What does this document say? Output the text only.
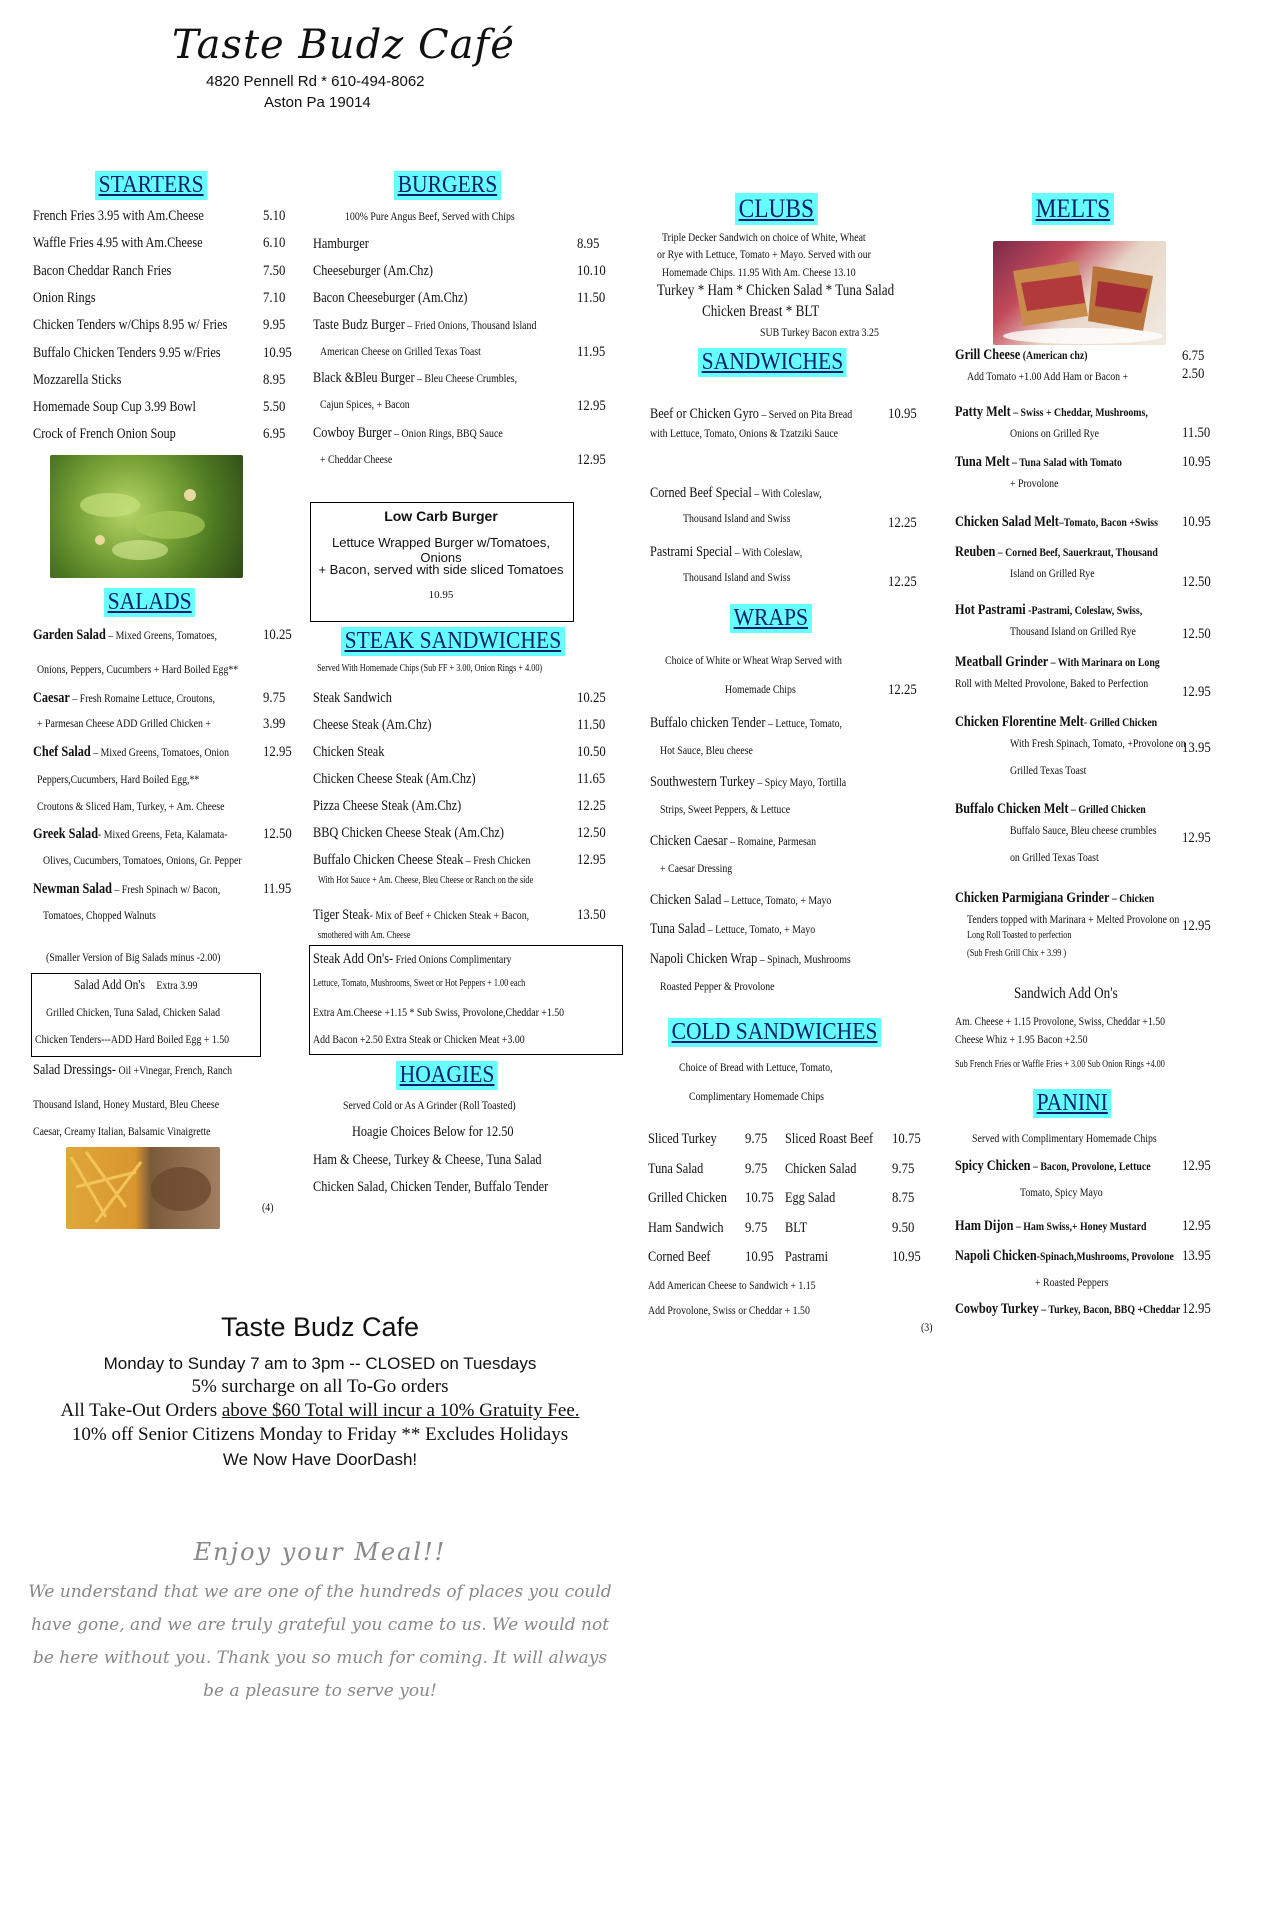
Taste Budz Café
4820 Pennell Rd * 610-494-8062
Aston Pa 19014
STARTERS
French Fries 3.95 with Am.Cheese	5.10
Waffle Fries 4.95 with Am.Cheese	6.10
Bacon Cheddar Ranch Fries	7.50
Onion Rings	7.10
Chicken Tenders w/Chips 8.95 w/ Fries 9.95
Buffalo Chicken Tenders 9.95 w/Fries	10.95
Mozzarella Sticks	8.95
Homemade Soup Cup 3.99 Bowl	5.50
Crock of French Onion Soup	6.95
SALADS
Garden Salad – Mixed Greens, Tomatoes,	10.25
Onions, Peppers, Cucumbers + Hard Boiled Egg**
Caesar – Fresh Romaine Lettuce, Croutons,	9.75
+ Parmesan Cheese ADD Grilled Chicken +	3.99
Chef Salad – Mixed Greens, Tomatoes, Onion 12.95
Peppers,Cucumbers, Hard Boiled Egg,**
Croutons & Sliced Ham, Turkey, + Am. Cheese
Greek Salad- Mixed Greens, Feta, Kalamata- 12.50
Olives, Cucumbers, Tomatoes, Onions, Gr. Pepper
Newman Salad – Fresh Spinach w/ Bacon,	11.95
Tomatoes, Chopped Walnuts
(Smaller Version of Big Salads minus -2.00)
Salad Add On's Extra 3.99
Grilled Chicken, Tuna Salad, Chicken Salad
Chicken Tenders---ADD Hard Boiled Egg + 1.50
Salad Dressings- Oil +Vinegar, French, Ranch
Thousand Island, Honey Mustard, Bleu Cheese
Caesar, Creamy Italian, Balsamic Vinaigrette
(4)
BURGERS
100% Pure Angus Beef, Served with Chips
Hamburger	8.95
Cheeseburger (Am.Chz)	10.10
Bacon Cheeseburger (Am.Chz)	11.50
Taste Budz Burger – Fried Onions, Thousand Island
American Cheese on Grilled Texas Toast	11.95
Black &Bleu Burger – Bleu Cheese Crumbles,
Cajun Spices, + Bacon	12.95
Cowboy Burger – Onion Rings, BBQ Sauce
+ Cheddar Cheese	12.95
Low Carb Burger
Lettuce Wrapped Burger w/Tomatoes, Onions
+ Bacon, served with side sliced Tomatoes
10.95
STEAK SANDWICHES
Served With Homemade Chips (Sub FF + 3.00, Onion Rings + 4.00)
Steak Sandwich	10.25
Cheese Steak (Am.Chz)	11.50
Chicken Steak	10.50
Chicken Cheese Steak (Am.Chz)	11.65
Pizza Cheese Steak (Am.Chz)	12.25
BBQ Chicken Cheese Steak (Am.Chz)	12.50
Buffalo Chicken Cheese Steak – Fresh Chicken
With Hot Sauce + Am. Cheese, Bleu Cheese or Ranch on the side
12.95
Tiger Steak- Mix of Beef + Chicken Steak + Bacon,
smothered with Am. Cheese
13.50
Steak Add On's- Fried Onions Complimentary
Lettuce, Tomato, Mushrooms, Sweet or Hot Peppers + 1.00 each
Extra Am.Cheese +1.15 * Sub Swiss, Provolone,Cheddar +1.50
Add Bacon +2.50 Extra Steak or Chicken Meat +3.00
HOAGIES
Served Cold or As A Grinder (Roll Toasted)
Hoagie Choices Below for 12.50
Ham & Cheese, Turkey & Cheese, Tuna Salad
Chicken Salad, Chicken Tender, Buffalo Tender
CLUBS
Triple Decker Sandwich on choice of White, Wheat
or Rye with Lettuce, Tomato + Mayo. Served with our
Homemade Chips. 11.95 With Am. Cheese 13.10
Turkey * Ham * Chicken Salad * Tuna Salad
Chicken Breast * BLT
SUB Turkey Bacon extra 3.25
SANDWICHES
Beef or Chicken Gyro – Served on Pita Bread
with Lettuce, Tomato, Onions & Tzatziki Sauce
10.95
Corned Beef Special – With Coleslaw,
Thousand Island and Swiss	12.25
Pastrami Special – With Coleslaw,
Thousand Island and Swiss	12.25
WRAPS
Choice of White or Wheat Wrap Served with
Homemade Chips	12.25
Buffalo chicken Tender – Lettuce, Tomato,
Hot Sauce, Bleu cheese
Southwestern Turkey – Spicy Mayo, Tortilla
Strips, Sweet Peppers, & Lettuce
Chicken Caesar – Romaine, Parmesan
+ Caesar Dressing
Chicken Salad – Lettuce, Tomato, + Mayo
Tuna Salad – Lettuce, Tomato, + Mayo
Napoli Chicken Wrap – Spinach, Mushrooms
Roasted Pepper & Provolone
COLD SANDWICHES
Choice of Bread with Lettuce, Tomato,
Complimentary Homemade Chips
Sliced Turkey 9.75 Sliced Roast Beef 10.75
Tuna Salad	9.75 Chicken Salad 9.75
Grilled Chicken 10.75 Egg Salad	8.75
Ham Sandwich 9.75 BLT	9.50
Corned Beef 10.95 Pastrami	10.95
Add American Cheese to Sandwich + 1.15
Add Provolone, Swiss or Cheddar + 1.50
(3)
MELTS
Grill Cheese (American chz)
Add Tomato +1.00 Add Ham or Bacon +
6.75
2.50
Patty Melt – Swiss + Cheddar, Mushrooms,
Onions on Grilled Rye	11.50
Tuna Melt – Tuna Salad with Tomato
+ Provolone
10.95
Chicken Salad Melt–Tomato, Bacon +Swiss 10.95
Reuben – Corned Beef, Sauerkraut, Thousand
Island on Grilled Rye
12.50
Hot Pastrami -Pastrami, Coleslaw, Swiss,
Thousand Island on Grilled Rye	12.50
Meatball Grinder – With Marinara on Long
Roll with Melted Provolone, Baked to Perfection
12.95
Chicken Florentine Melt- Grilled Chicken
With Fresh Spinach, Tomato, +Provolone on
Grilled Texas Toast
13.95
Buffalo Chicken Melt – Grilled Chicken
Buffalo Sauce, Bleu cheese crumbles
on Grilled Texas Toast
12.95
Chicken Parmigiana Grinder – Chicken
Tenders topped with Marinara + Melted Provolone on
Long Roll Toasted to perfection
(Sub Fresh Grill Chix + 3.99 )
12.95
Sandwich Add On's
Am. Cheese + 1.15 Provolone, Swiss, Cheddar +1.50
Cheese Whiz + 1.95 Bacon +2.50
Sub French Fries or Waffle Fries + 3.00 Sub Onion Rings +4.00
PANINI
Served with Complimentary Homemade Chips
Spicy Chicken – Bacon, Provolone, Lettuce
Tomato, Spicy Mayo
12.95
Ham Dijon – Ham Swiss,+ Honey Mustard 12.95
Napoli Chicken-Spinach,Mushrooms, Provolone
+ Roasted Peppers
13.95
Cowboy Turkey – Turkey, Bacon, BBQ +Cheddar 12.95
Taste Budz Cafe
Monday to Sunday 7 am to 3pm -- CLOSED on Tuesdays
5% surcharge on all To-Go orders
All Take-Out Orders above $60 Total will incur a 10% Gratuity Fee.
10% off Senior Citizens Monday to Friday ** Excludes Holidays
We Now Have DoorDash!
Enjoy your Meal!!
We understand that we are one of the hundreds of places you could
have gone, and we are truly grateful you came to us. We would not
be here without you. Thank you so much for coming. It will always
be a pleasure to serve you!
